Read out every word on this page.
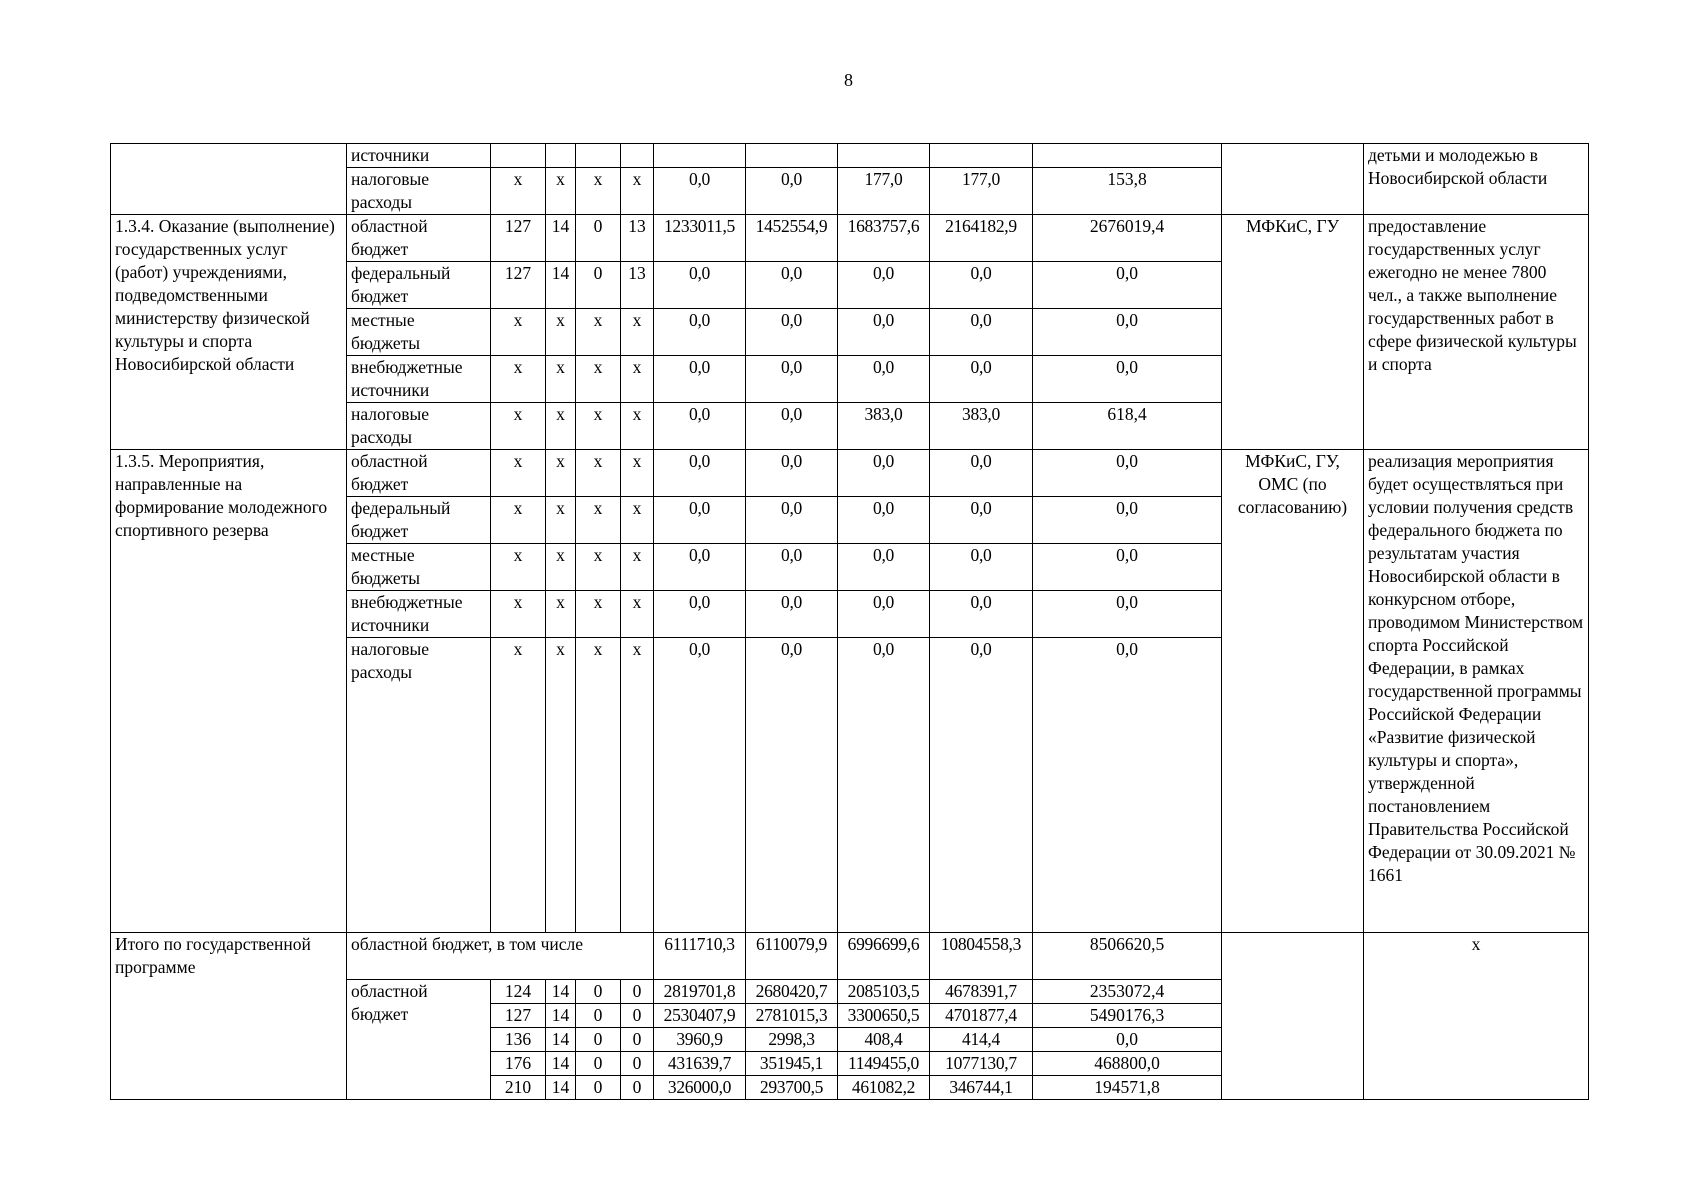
8
	источники											детьми и молодежью в Новосибирской области
	налоговые расходы	x	x	x	x	0,0	0,0	177,0	177,0	153,8		
1.3.4. Оказание (выполнение) государственных услуг (работ) учреждениями, подведомственными министерству физической культуры и спорта Новосибирской области	областной бюджет	127	14	0	13	1233011,5	1452554,9	1683757,6	2164182,9	2676019,4	МФКиС, ГУ	предоставление государственных услуг ежегодно не менее 7800 чел., а также выполнение государственных работ в сфере физической культуры и спорта
	федеральный бюджет	127	14	0	13	0,0	0,0	0,0	0,0	0,0		
	местные бюджеты	x	x	x	x	0,0	0,0	0,0	0,0	0,0		
	внебюджетные источники	x	x	x	x	0,0	0,0	0,0	0,0	0,0		
	налоговые расходы	x	x	x	x	0,0	0,0	383,0	383,0	618,4		
1.3.5. Мероприятия, направленные на формирование молодежного спортивного резерва	областной бюджет	x	x	x	x	0,0	0,0	0,0	0,0	0,0	МФКиС, ГУ, ОМС (по согласованию)	реализация мероприятия будет осуществляться при условии получения средств федерального бюджета по результатам участия Новосибирской области в конкурсном отборе, проводимом Министерством спорта Российской Федерации, в рамках государственной программы Российской Федерации «Развитие физической культуры и спорта», утвержденной постановлением Правительства Российской Федерации от 30.09.2021 № 1661
	федеральный бюджет	x	x	x	x	0,0	0,0	0,0	0,0	0,0		
	местные бюджеты	x	x	x	x	0,0	0,0	0,0	0,0	0,0		
	внебюджетные источники	x	x	x	x	0,0	0,0	0,0	0,0	0,0		
	налоговые расходы	x	x	x	x	0,0	0,0	0,0	0,0	0,0		
Итого по государственной программе	областной бюджет, в том числе					6111710,3	6110079,9	6996699,6	10804558,3	8506620,5		x
	областной бюджет	124	14	0	0	2819701,8	2680420,7	2085103,5	4678391,7	2353072,4		
		127	14	0	0	2530407,9	2781015,3	3300650,5	4701877,4	5490176,3		
		136	14	0	0	3960,9	2998,3	408,4	414,4	0,0		
		176	14	0	0	431639,7	351945,1	1149455,0	1077130,7	468800,0		
		210	14	0	0	326000,0	293700,5	461082,2	346744,1	194571,8		
